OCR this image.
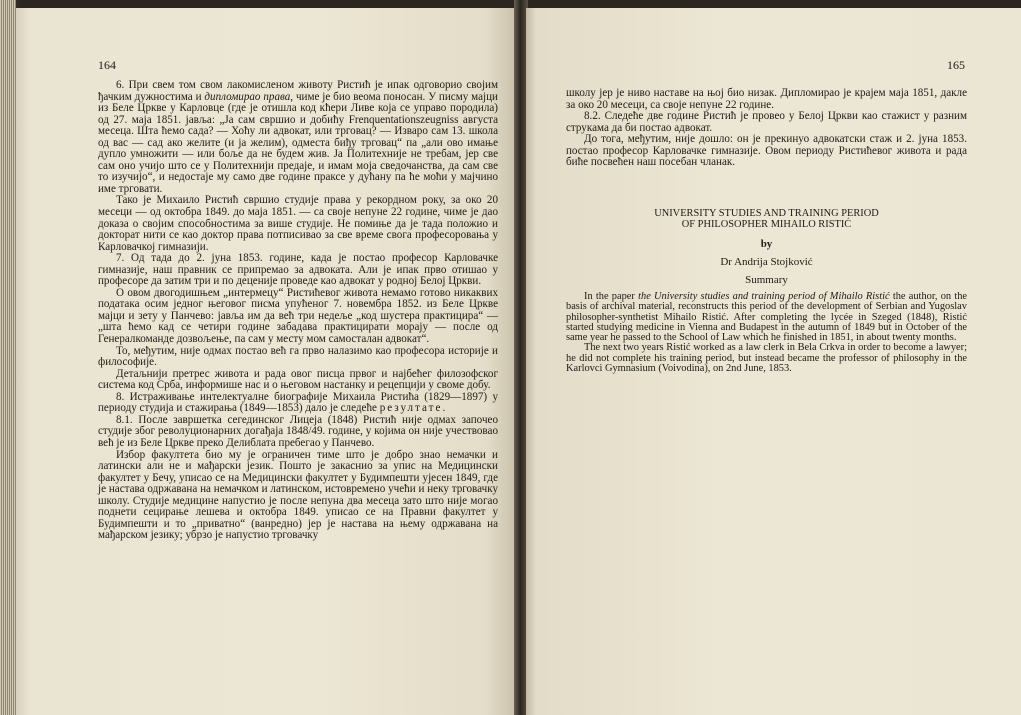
164

6. При свем том свом лакомисленом животу Ристић је ипак одговорио својим ђачким дужностима и дипломирао права, чиме је био веома поносан. У писму мајци из Беле Цркве у Карловце (где је отишла код кћери Ливе која се управо породила) од 27. маја 1851. јавља: „Ја сам свршио и добићу Frenquentationszeugniss августа месеца. Шта ћемо сада? — Хоћу ли адвокат, или трговац? — Изваро сам 13. школа од вас — сад ако желите (и ја желим), одместа биђу трговац“ па „али ово имање дупло умножити — или боље да не будем жив. Ја Политехније не требам, јер све сам оно учијо што се у Политехнији предаје, и имам моја сведочанства, да сам све то изучијо“, и недостаје му само две године праксе у дућану па ће моћи у мајчино име трговати.

Тако је Михаило Ристић свршио студије права у рекордном року, за око 20 месеци — од октобра 1849. до маја 1851. — са своје непуне 22 године, чиме је дао доказа о својим способностима за више студије. Не помиње да је тада положио и докторат нити се као доктор права потписивао за све време свога професоровања у Карловачкој гимназији.

7. Од тада до 2. јуна 1853. године, када је постао професор Карловачке гимназије, наш правник се припремао за адвоката. Али је ипак прво отишао у професоре да затим три и по деценије проведе као адвокат у родној Белој Цркви.

О овом двогодишњем „интермецу“ Ристићевог живота немамо готово никаквих података осим једног његовог писма упућеног 7. новембра 1852. из Беле Цркве мајци и зету у Панчево: јавља им да већ три недеље „код шустера практицира“ — „шта ћемо кад се четири године забадава практицирати морају — после од Генералкоманде дозвољење, па сам у месту мом самосталан адвокат“.

То, међутим, није одмах постао већ га прво налазимо као професора историје и философије.

Детаљнији претрес живота и рада овог писца првог и најбећег филозофског система код Срба, информише нас и о његовом настанку и рецепцији у своме добу.

8. Истраживање интелектуалне биографије Михаила Ристића (1829—1897) у периоду студија и стажирања (1849—1853) дало је следеће резултате.

8.1. После завршетка сегединског Лицеја (1848) Ристић није одмах започео студије због револуционарних догађаја 1848/49. године, у којима он није учествовао већ је из Беле Цркве преко Делиблата пребегао у Панчево.

Избор факултета био му је ограничен тиме што је добро знао немачки и латински али не и мађарски језик. Пошто је закаснио за упис на Медицински факултет у Бечу, уписао се на Медицински факултет у Будимпешти уjесен 1849, где је настава одржавана на немачком и латинском, истовремено учећи и неку трговачку школу. Студије медицине напустио је после непуна два месеца зато што није могао поднети сецирање лешева и октобра 1849. уписао се на Правни факултет у Будимпешти и то „приватно“ (ванредно) јер је настава на њему одржавана на мађарском језику; убрзо је напустио трговачку

165

школу јер је ниво наставе на њој био низак. Дипломирао је крајем маја 1851, дакле за око 20 месеци, са своје непуне 22 године.

8.2. Следеће две године Ристић је провео у Белој Цркви као стажист у разним струкама да би постао адвокат.

До тога, међутим, није дошло: он је прекинуо адвокатски стаж и 2. јуна 1853. постао професор Карловачке гимназије. Овом периоду Ристићевог живота и рада биће посвећен наш посебан чланак.

UNIVERSITY STUDIES AND TRAINING PERIOD
OF PHILOSOPHER MIHAILO RISTIĆ
by
Dr Andrija Stojković
Summary

In the paper the University studies and training period of Mihailo Ristić the author, on the basis of archival material, reconstructs this period of the development of Serbian and Yugoslav philosopher-synthetist Mihailo Ristić. After completing the lycée in Szeged (1848), Ristić started studying medicine in Vienna and Budapest in the autumn of 1849 but in October of the same year he passed to the School of Law which he finished in 1851, in about twenty months.

The next two years Ristić worked as a law clerk in Bela Crkva in order to become a lawyer; he did not complete his training period, but instead became the professor of philosophy in the Karlovci Gymnasium (Voivodina), on 2nd June, 1853.
